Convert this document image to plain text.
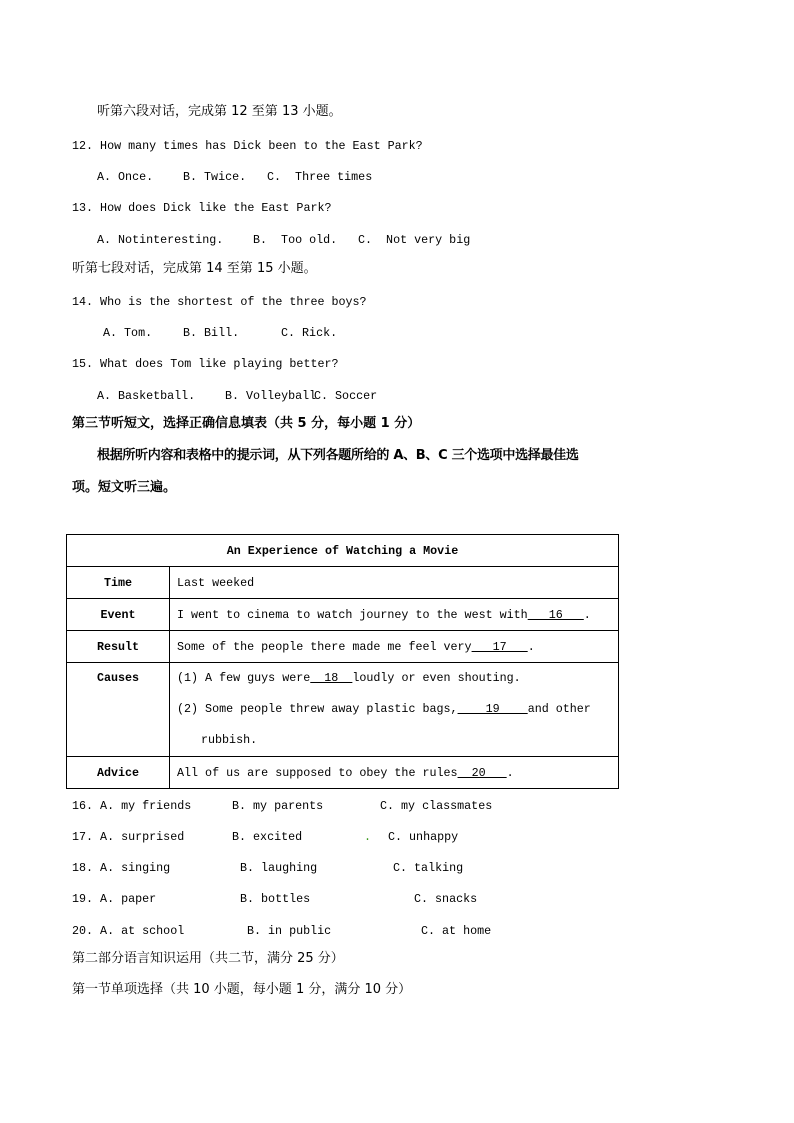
听第六段对话，完成第 12 至第 13 小题。
12. How many times has Dick been to the East Park?
A. Once.	B. Twice. C.  Three times
13. How does Dick like the East Park?
A. Notinteresting.	B.  Too old. C.  Not very big
听第七段对话，完成第 14 至第 15 小题。
14. Who is the shortest of the three boys?
A. Tom.	B. Bill.	C. Rick.
15. What does Tom like playing better?
A. Basketball.	B. Volleyball
C. Soccer
第三节听短文，选择正确信息填表（共 5 分，每小题 1 分）
根据所听内容和表格中的提示词，从下列各题所给的 A、B、C 三个选项中选择最佳选
项。短文听三遍。
An Experience of Watching a Movie	
Time	Last weeked
Event	I went to cinema to watch journey to the west with   16   .
Result	Some of the people there made me feel very   17   .
Causes	(1) A few guys were  18  loudly or even shouting.
(2) Some people threw away plastic bags,    19    and other
rubbish.

Advice	All of us are supposed to obey the rules  20   .
16. A. my friends	B. my parents	C. my classmates
17. A. surprised	B. excited	. C. unhappy
18. A. singing	B. laughing	C. talking
19. A. paper	B. bottles	C. snacks
20. A. at school	B. in public	C. at home
第二部分语言知识运用（共二节，满分 25 分）
第一节单项选择（共 10 小题，每小题 1 分，满分 10 分）
